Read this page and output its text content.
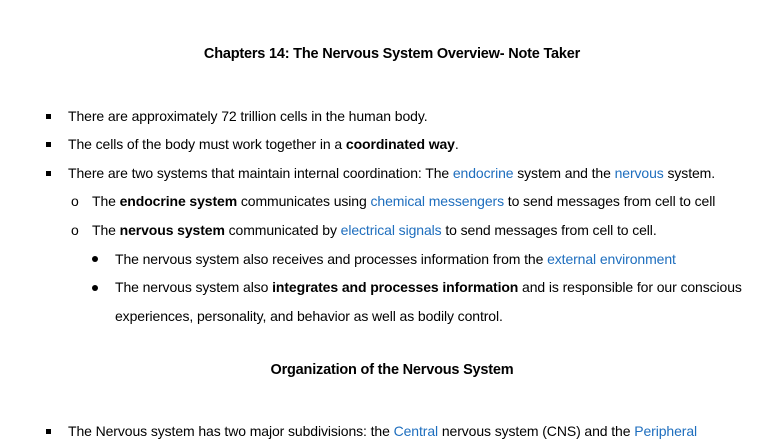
Chapters 14: The Nervous System Overview- Note Taker
There are approximately 72 trillion cells in the human body.
The cells of the body must work together in a coordinated way.
There are two systems that maintain internal coordination: The endocrine system and the nervous system.
o The endocrine system communicates using chemical messengers to send messages from cell to cell
o The nervous system communicated by electrical signals to send messages from cell to cell.
The nervous system also receives and processes information from the external environment
The nervous system also integrates and processes information and is responsible for our conscious
experiences, personality, and behavior as well as bodily control.
Organization of the Nervous System
The Nervous system has two major subdivisions: the Central nervous system (CNS) and the Peripheral
